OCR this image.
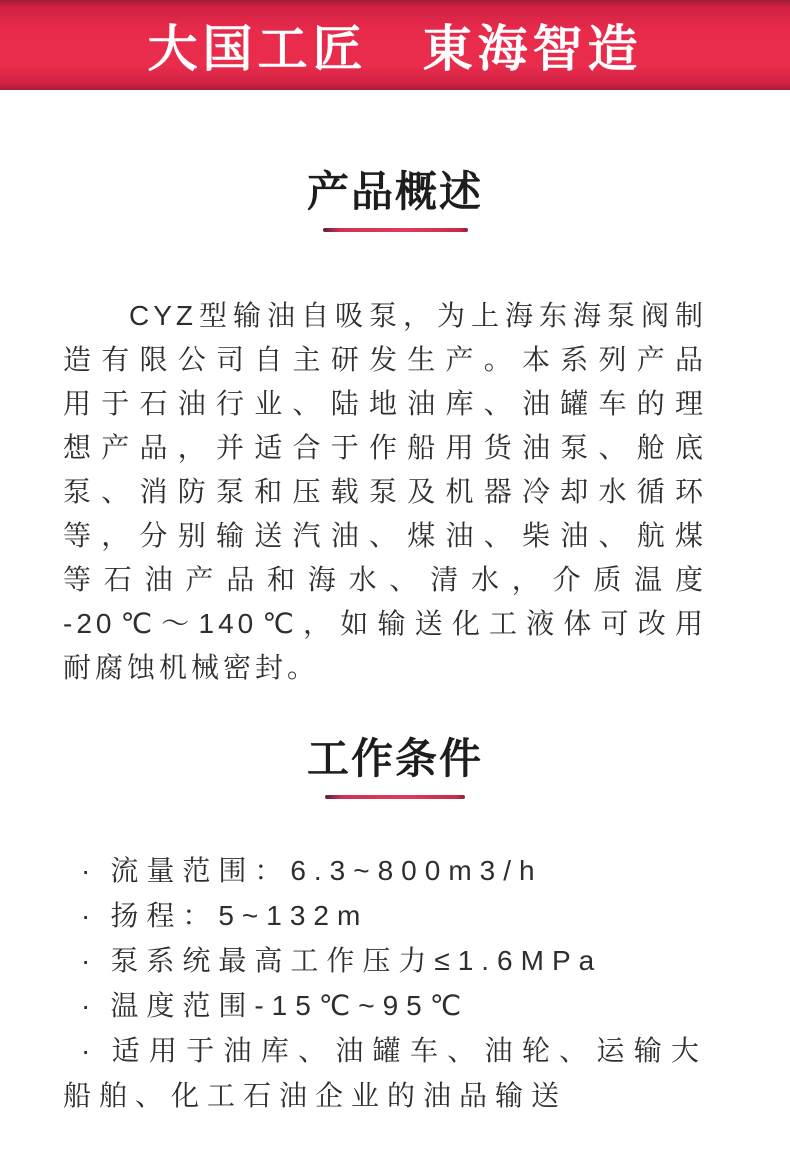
大国工匠　東海智造
产品概述
CYZ型输油自吸泵，为上海东海泵阀制
造有限公司自主研发生产。本系列产品
用于石油行业、陆地油库、油罐车的理
想产品，并适合于作船用货油泵、舱底
泵、消防泵和压载泵及机器冷却水循环
等，分别输送汽油、煤油、柴油、航煤
等石油产品和海水、清水，介质温度
-20℃～140℃，如输送化工液体可改用
耐腐蚀机械密封。
工作条件
· 流量范围：6.3~800m3/h
· 扬程：5~132m
· 泵系统最高工作压力≤1.6MPa
· 温度范围-15℃~95℃
· 适用于油库、油罐车、油轮、运输大
船舶、化工石油企业的油品输送
